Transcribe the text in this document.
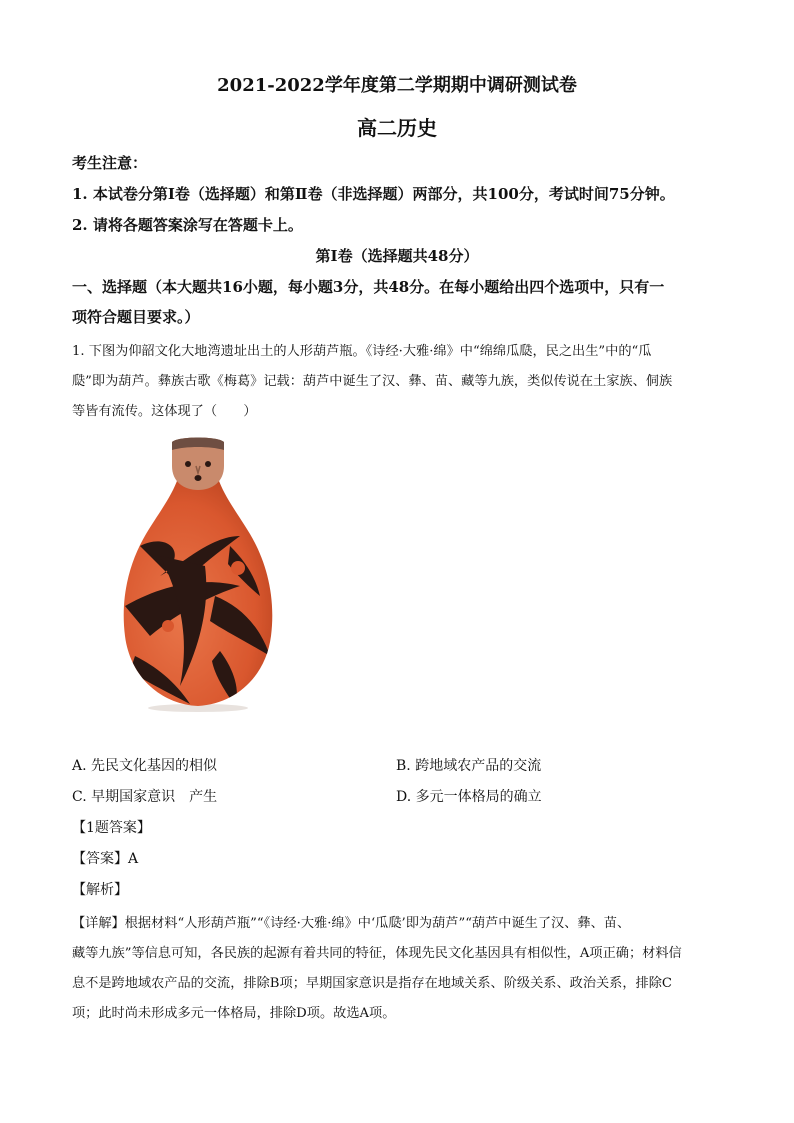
2021-2022学年度第二学期期中调研测试卷
高二历史
考生注意：
1. 本试卷分第Ⅰ卷（选择题）和第Ⅱ卷（非选择题）两部分，共100分，考试时间75分钟。
2. 请将各题答案涂写在答题卡上。
第Ⅰ卷（选择题共48分）
一、选择题（本大题共16小题，每小题3分，共48分。在每小题给出四个选项中，只有一
项符合题目要求。）
1. 下图为仰韶文化大地湾遗址出土的人形葫芦瓶。《诗经·大雅·绵》中“绵绵瓜瓞，民之出生”中的“瓜
瓞”即为葫芦。彝族古歌《梅葛》记载：葫芦中诞生了汉、彝、苗、藏等九族，类似传说在土家族、侗族
等皆有流传。这体现了（　　）
A. 先民文化基因的相似	B. 跨地域农产品的交流
C. 早期国家意识　产生	D. 多元一体格局的确立
【1题答案】
【答案】A
【解析】
【详解】根据材料“人形葫芦瓶”“《诗经·大雅·绵》中‘瓜瓞’即为葫芦”“葫芦中诞生了汉、彝、苗、
藏等九族”等信息可知，各民族的起源有着共同的特征，体现先民文化基因具有相似性，A项正确；材料信
息不是跨地域农产品的交流，排除B项；早期国家意识是指存在地域关系、阶级关系、政治关系，排除C
项；此时尚未形成多元一体格局，排除D项。故选A项。
